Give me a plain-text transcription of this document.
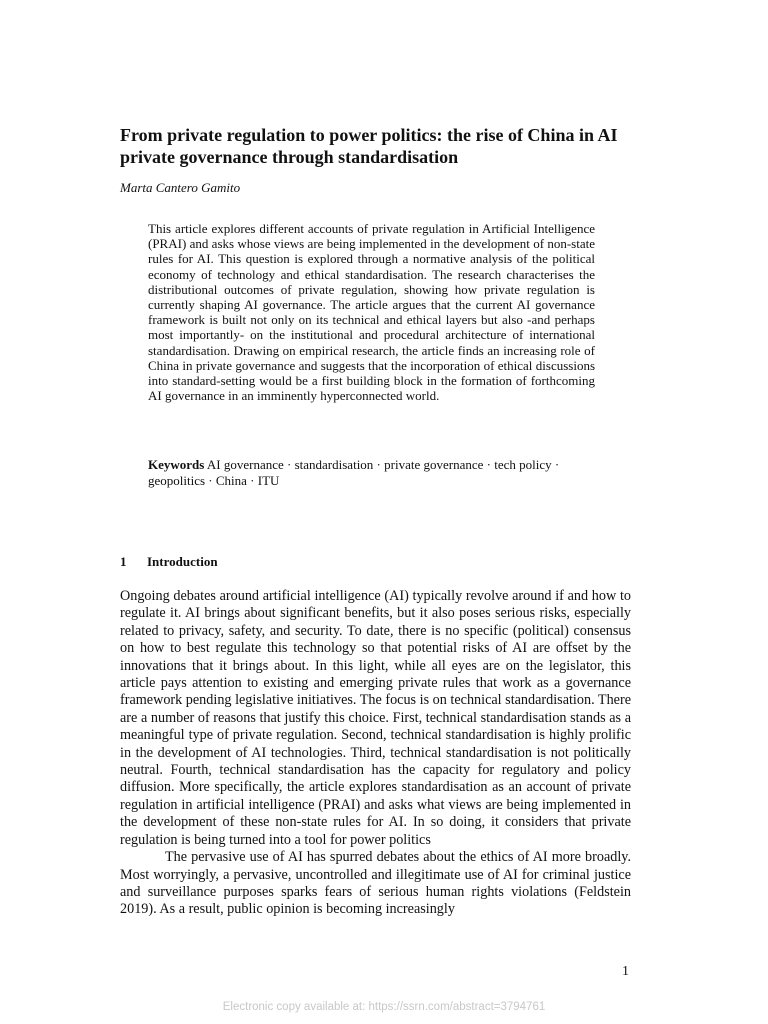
From private regulation to power politics: the rise of China in AI private governance through standardisation

Marta Cantero Gamito

This article explores different accounts of private regulation in Artificial Intelligence (PRAI) and asks whose views are being implemented in the development of non-state rules for AI. This question is explored through a normative analysis of the political economy of technology and ethical standardisation. The research characterises the distributional outcomes of private regulation, showing how private regulation is currently shaping AI governance. The article argues that the current AI governance framework is built not only on its technical and ethical layers but also -and perhaps most importantly- on the institutional and procedural architecture of international standardisation. Drawing on empirical research, the article finds an increasing role of China in private governance and suggests that the incorporation of ethical discussions into standard-setting would be a first building block in the formation of forthcoming AI governance in an imminently hyperconnected world.

Keywords AI governance · standardisation · private governance · tech policy · geopolitics · China · ITU

1 Introduction

Ongoing debates around artificial intelligence (AI) typically revolve around if and how to regulate it. AI brings about significant benefits, but it also poses serious risks, especially related to privacy, safety, and security. To date, there is no specific (political) consensus on how to best regulate this technology so that potential risks of AI are offset by the innovations that it brings about. In this light, while all eyes are on the legislator, this article pays attention to existing and emerging private rules that work as a governance framework pending legislative initiatives. The focus is on technical standardisation. There are a number of reasons that justify this choice. First, technical standardisation stands as a meaningful type of private regulation. Second, technical standardisation is highly prolific in the development of AI technologies. Third, technical standardisation is not politically neutral. Fourth, technical standardisation has the capacity for regulatory and policy diffusion. More specifically, the article explores standardisation as an account of private regulation in artificial intelligence (PRAI) and asks what views are being implemented in the development of these non-state rules for AI. In so doing, it considers that private regulation is being turned into a tool for power politics

The pervasive use of AI has spurred debates about the ethics of AI more broadly. Most worryingly, a pervasive, uncontrolled and illegitimate use of AI for criminal justice and surveillance purposes sparks fears of serious human rights violations (Feldstein 2019). As a result, public opinion is becoming increasingly

1
Electronic copy available at: https://ssrn.com/abstract=3794761
